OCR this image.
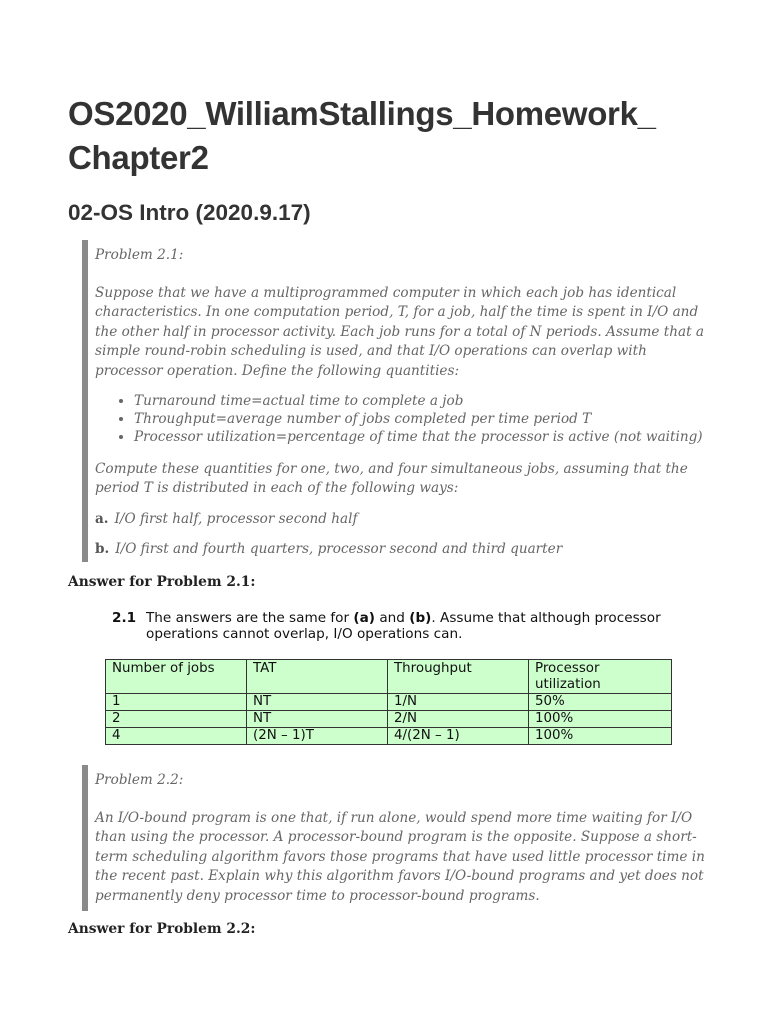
OS2020_WilliamStallings_Homework_ Chapter2
02-OS Intro (2020.9.17)

Problem 2.1:

Suppose that we have a multiprogrammed computer in which each job has identical characteristics. In one computation period, T, for a job, half the time is spent in I/O and the other half in processor activity. Each job runs for a total of N periods. Assume that a simple round-robin scheduling is used, and that I/O operations can overlap with processor operation. Define the following quantities:

• Turnaround time=actual time to complete a job
• Throughput=average number of jobs completed per time period T
• Processor utilization=percentage of time that the processor is active (not waiting)

Compute these quantities for one, two, and four simultaneous jobs, assuming that the period T is distributed in each of the following ways:

a. I/O first half, processor second half

b. I/O first and fourth quarters, processor second and third quarter

Answer for Problem 2.1:
2.1 The answers are the same for (a) and (b). Assume that although processor operations cannot overlap, I/O operations can.
Number of jobs	TAT	Throughput	Processor utilization
1	NT	1/N	50%
2	NT	2/N	100%
4	(2N – 1)T	4/(2N – 1)	100%

Problem 2.2:

An I/O-bound program is one that, if run alone, would spend more time waiting for I/O than using the processor. A processor-bound program is the opposite. Suppose a short-term scheduling algorithm favors those programs that have used little processor time in the recent past. Explain why this algorithm favors I/O-bound programs and yet does not permanently deny processor time to processor-bound programs.

Answer for Problem 2.2:
